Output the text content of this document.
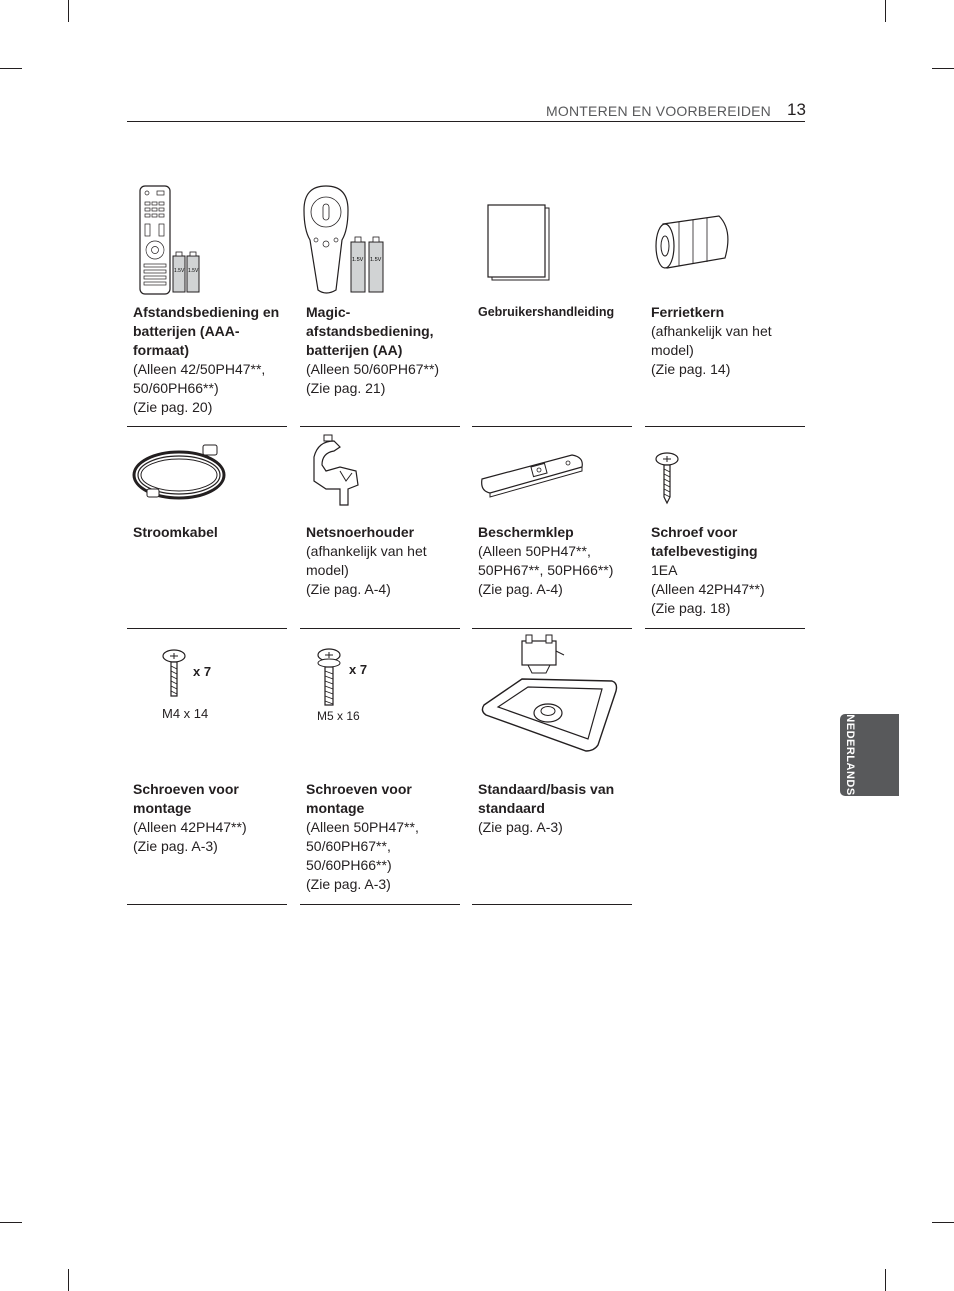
MONTEREN EN VOORBEREIDEN 13
NEDERLANDS
1.5V 1.5V
Afstandsbediening en batterijen (AAA-formaat)
(Alleen 42/50PH47**,
50/60PH66**)
(Zie pag. 20)
1.5V 1.5V
Magic-afstandsbediening, batterijen (AA)
(Alleen 50/60PH67**)
(Zie pag. 21)
Gebruikershandleiding	Ferrietkern
(afhankelijk van het
model)
(Zie pag. 14)
Stroomkabel	Netsnoerhouder
(afhankelijk van het
model)
(Zie pag. A-4)
Beschermklep
(Alleen 50PH47**,
50PH67**, 50PH66**)
(Zie pag. A-4)
Schroef voor tafelbevestiging
1EA
(Alleen 42PH47**)
(Zie pag. 18)
x 7
M4 x 14
Schroeven voor montage
(Alleen 42PH47**)
(Zie pag. A-3)
x 7
M5 x 16
Schroeven voor montage
(Alleen 50PH47**,
50/60PH67**,
50/60PH66**)
(Zie pag. A-3)
Standaard/basis van standaard
(Zie pag. A-3)
